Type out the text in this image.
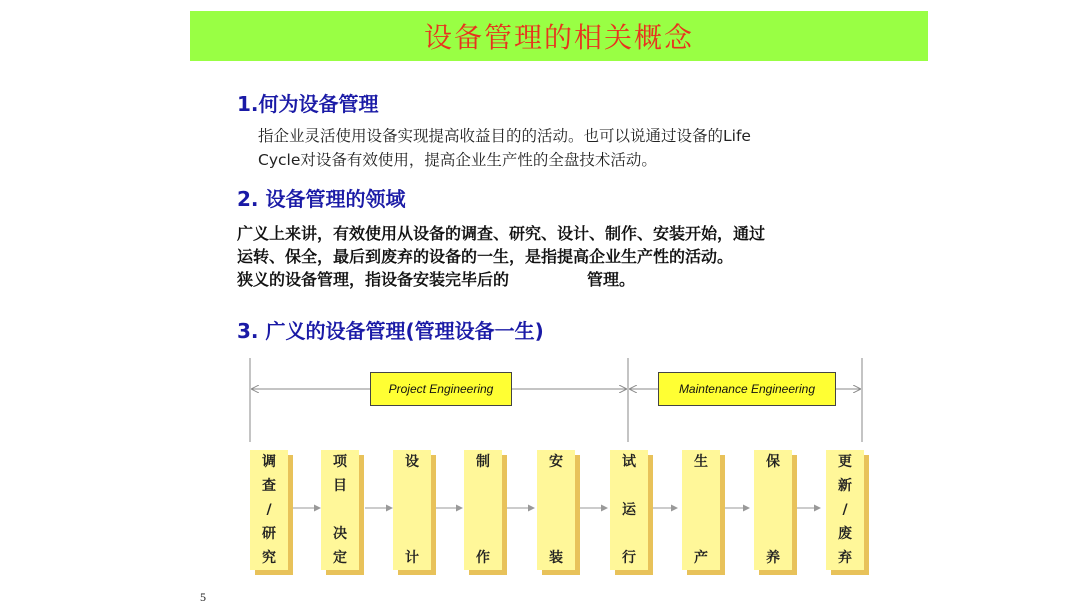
设备管理的相关概念
1.何为设备管理
指企业灵活使用设备实现提高收益目的的活动。也可以说通过设备的Life
Cycle对设备有效使用，提高企业生产性的全盘技术活动。
2. 设备管理的领域
广义上来讲，有效使用从设备的调查、研究、设计、制作、安装开始，通过
运转、保全，最后到废弃的设备的一生，是指提高企业生产性的活动。
狭义的设备管理，指设备安装完毕后的	管理。
3. 广义的设备管理(管理设备一生)
Project Engineering	Maintenance Engineering
调
查
/
研
究
项
目
决
定
设
计
制
作
安
装
试
运
行
生
产
保
养
更
新
/
废
弃
5
